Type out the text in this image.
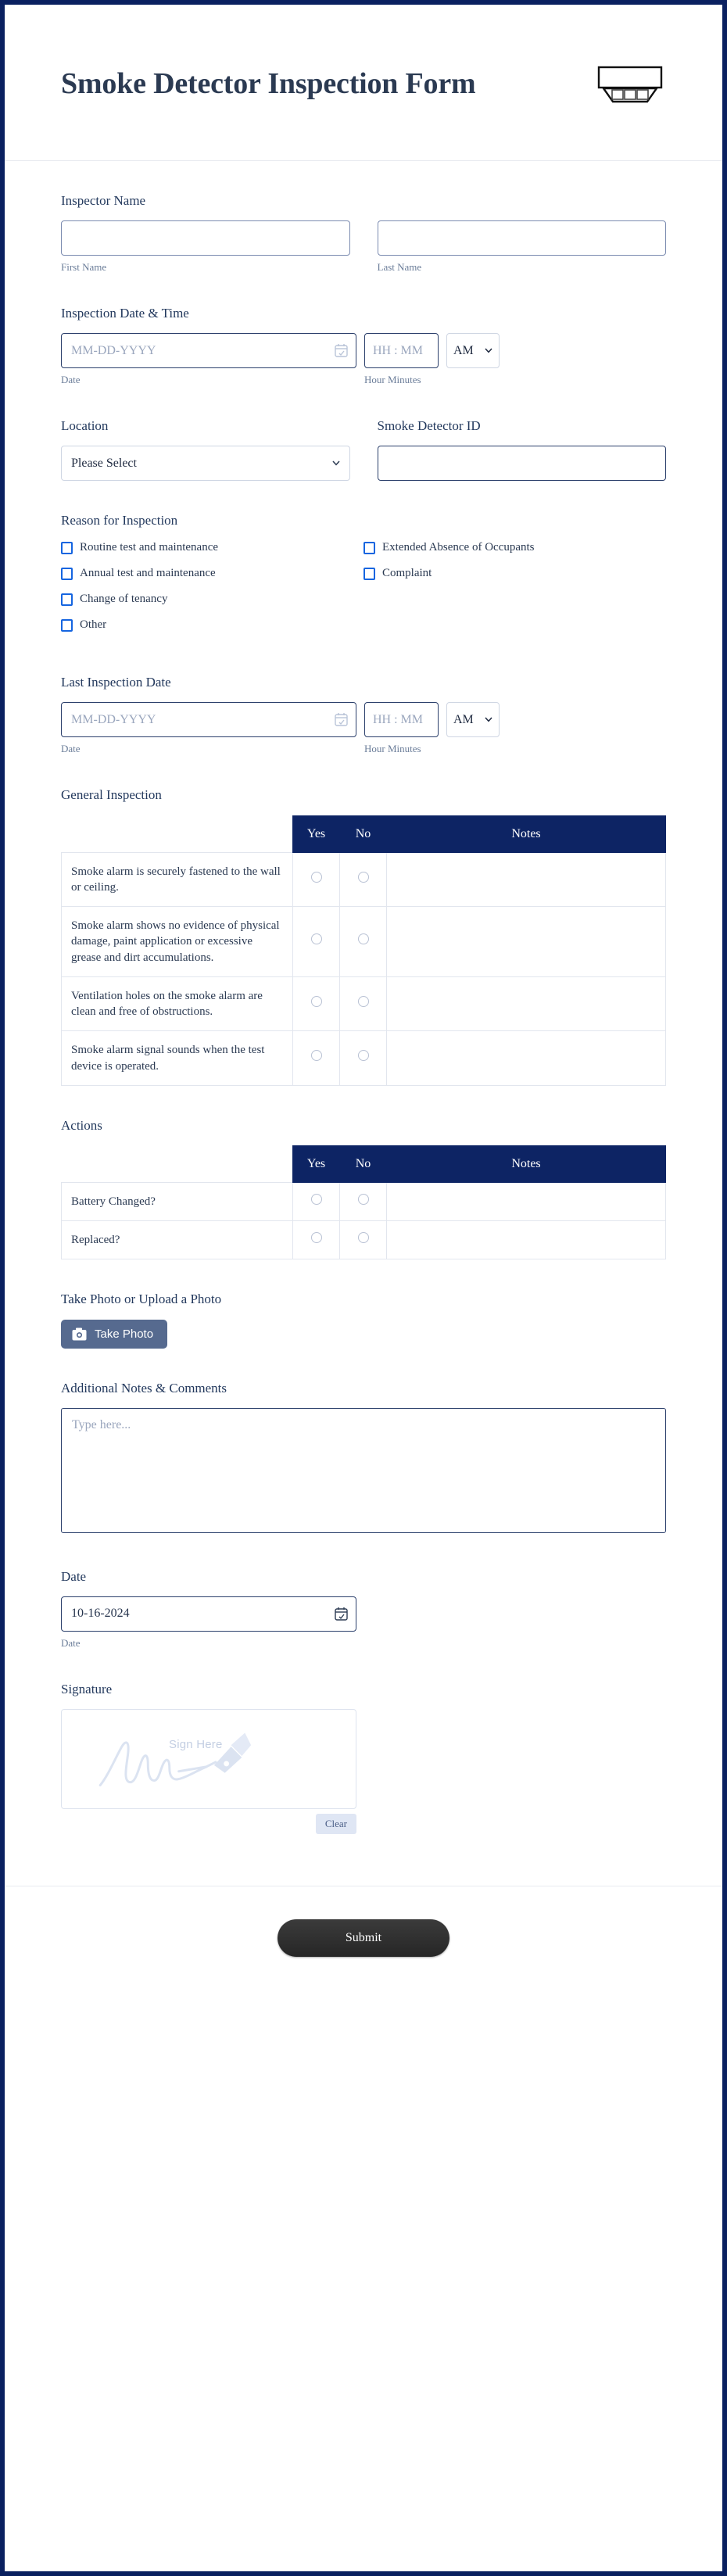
Smoke Detector Inspection Form
Inspector Name
First Name	Last Name
Inspection Date & Time
MM-DD-YYYY
HH : MM
AM
Date	Hour Minutes
Location
Please Select
Smoke Detector ID
Reason for Inspection
Routine test and maintenance
Annual test and maintenance
Change of tenancy
Other
Extended Absence of Occupants
Complaint
Last Inspection Date
MM-DD-YYYY
HH : MM
AM
Date	Hour Minutes
General Inspection
	Yes	No	Notes
Smoke alarm is securely fastened to the wall or ceiling.			
Smoke alarm shows no evidence of physical damage, paint application or excessive grease and dirt accumulations.			
Ventilation holes on the smoke alarm are clean and free of obstructions.			
Smoke alarm signal sounds when the test device is operated.			
Actions
	Yes	No	Notes
Battery Changed?			
Replaced?			
Take Photo or Upload a Photo
Take Photo
Additional Notes & Comments
Type here...
Date
10-16-2024
Date
Signature
Sign Here
Clear
Submit
